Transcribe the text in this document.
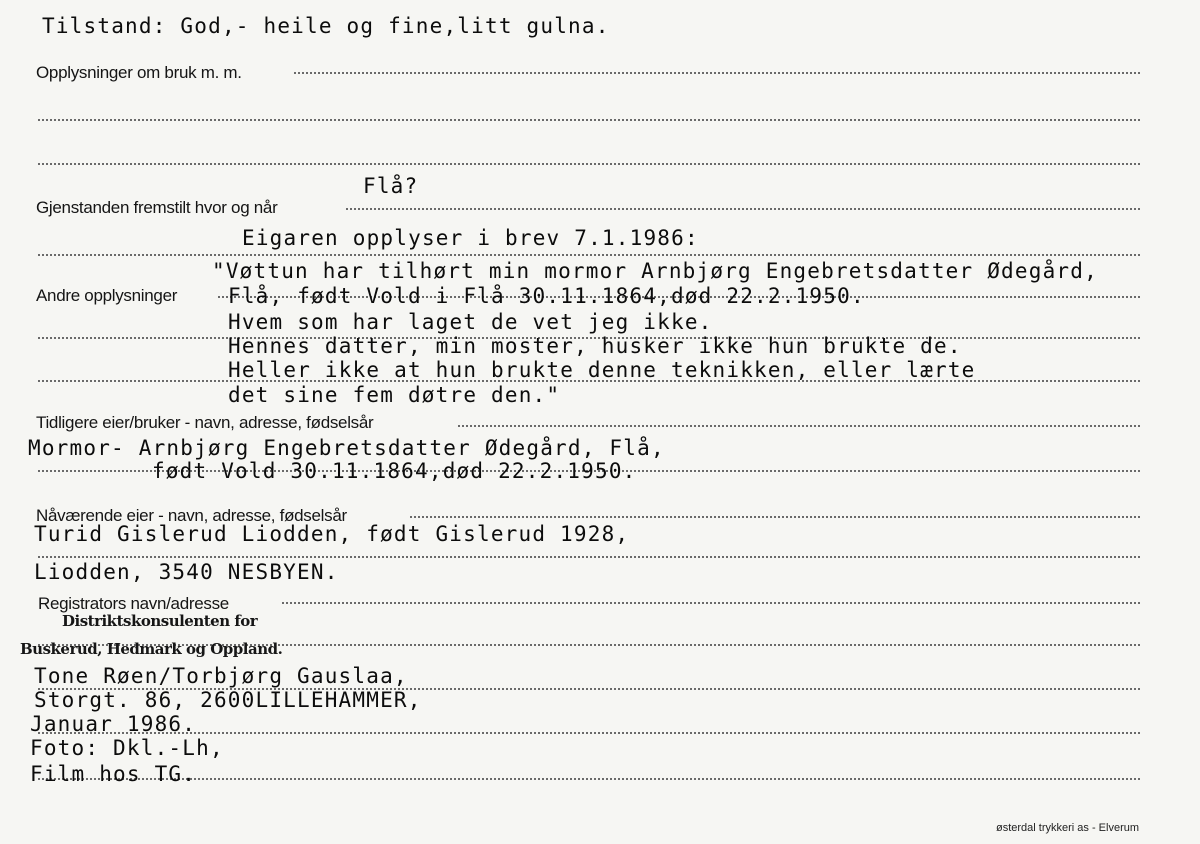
Tilstand: God,- heile og fine,litt gulna.
Opplysninger om bruk m. m.
Flå?
Gjenstanden fremstilt hvor og når
Eigaren opplyser i brev 7.1.1986:
"Vøttun har tilhørt min mormor Arnbjørg Engebretsdatter Ødegård,
Andre opplysninger Flå, født Vold i Flå 30.11.1864,død 22.2.1950.
Hvem som har laget de vet jeg ikke.
Hennes datter, min moster, husker ikke hun brukte de.
Heller ikke at hun brukte denne teknikken, eller lærte
det sine fem døtre den."
Tidligere eier/bruker - navn, adresse, fødselsår
Mormor- Arnbjørg Engebretsdatter Ødegård, Flå,
født Vold 30.11.1864,død 22.2.1950.
Nåværende eier - navn, adresse, fødselsår
Turid Gislerud Liodden, født Gislerud 1928,
Liodden, 3540 NESBYEN.
Registrators navn/adresse
Distriktskonsulenten for
Buskerud, Hedmark og Oppland.
Tone Røen/Torbjørg Gauslaa,
Storgt. 86, 2600LILLEHAMMER,
Januar 1986.
Foto: Dkl.-Lh,
Film hos TG.
østerdal trykkeri as - Elverum
